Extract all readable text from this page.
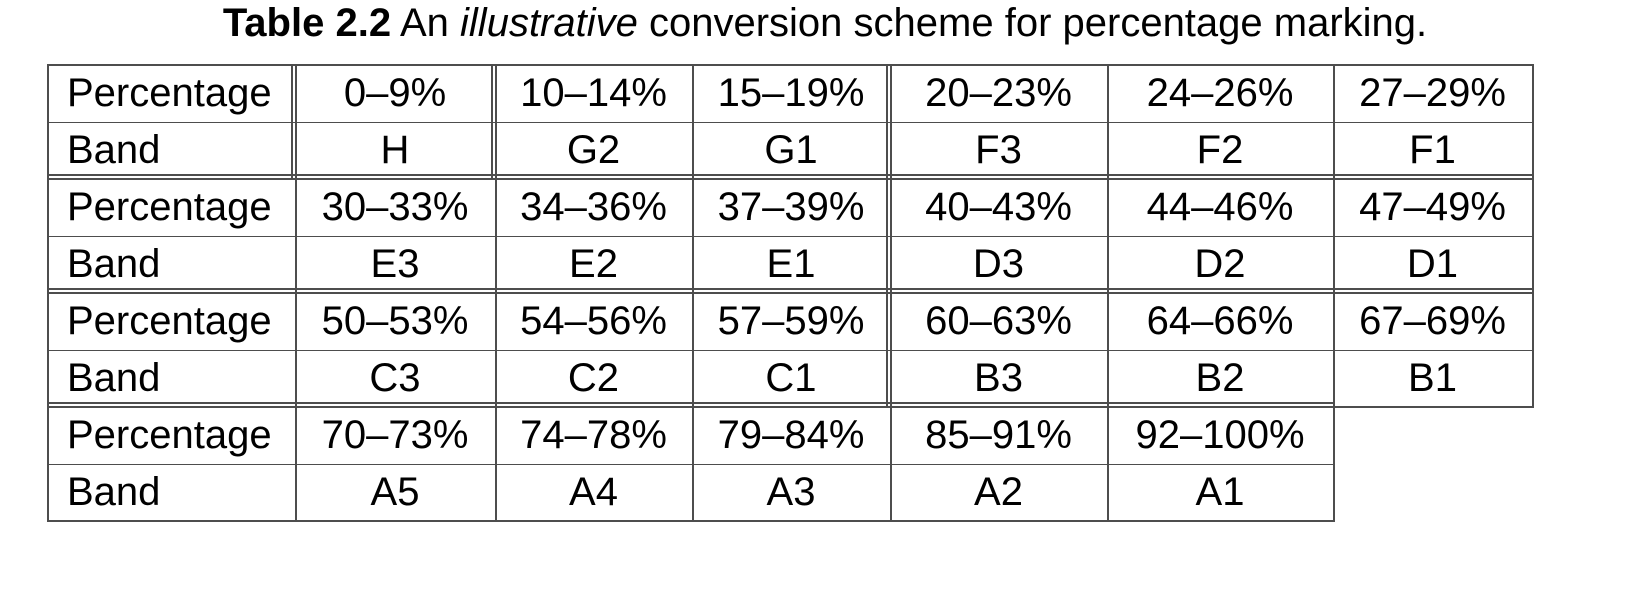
Table 2.2 An illustrative conversion scheme for percentage marking.
Percentage
Band
0–9%
H
10–14%
G2
15–19%
G1
20–23%
F3
24–26%
F2
27–29%
F1
Percentage
Band
30–33%
E3
34–36%
E2
37–39%
E1
40–43%
D3
44–46%
D2
47–49%
D1
Percentage
Band
50–53%
C3
54–56%
C2
57–59%
C1
60–63%
B3
64–66%
B2
67–69%
B1
Percentage
Band
70–73%
A5
74–78%
A4
79–84%
A3
85–91%
A2
92–100%
A1
